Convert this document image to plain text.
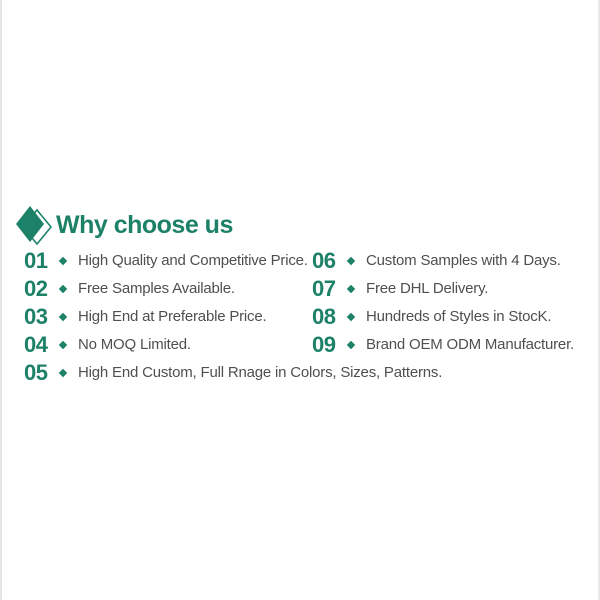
Why choose us
01 High Quality and Competitive Price.
02 Free Samples Available.
03 High End at Preferable Price.
04 No MOQ Limited.
05 High End Custom, Full Rnage in Colors, Sizes, Patterns.
06 Custom Samples with 4 Days.
07 Free DHL Delivery.
08 Hundreds of Styles in StocK.
09 Brand OEM ODM Manufacturer.
